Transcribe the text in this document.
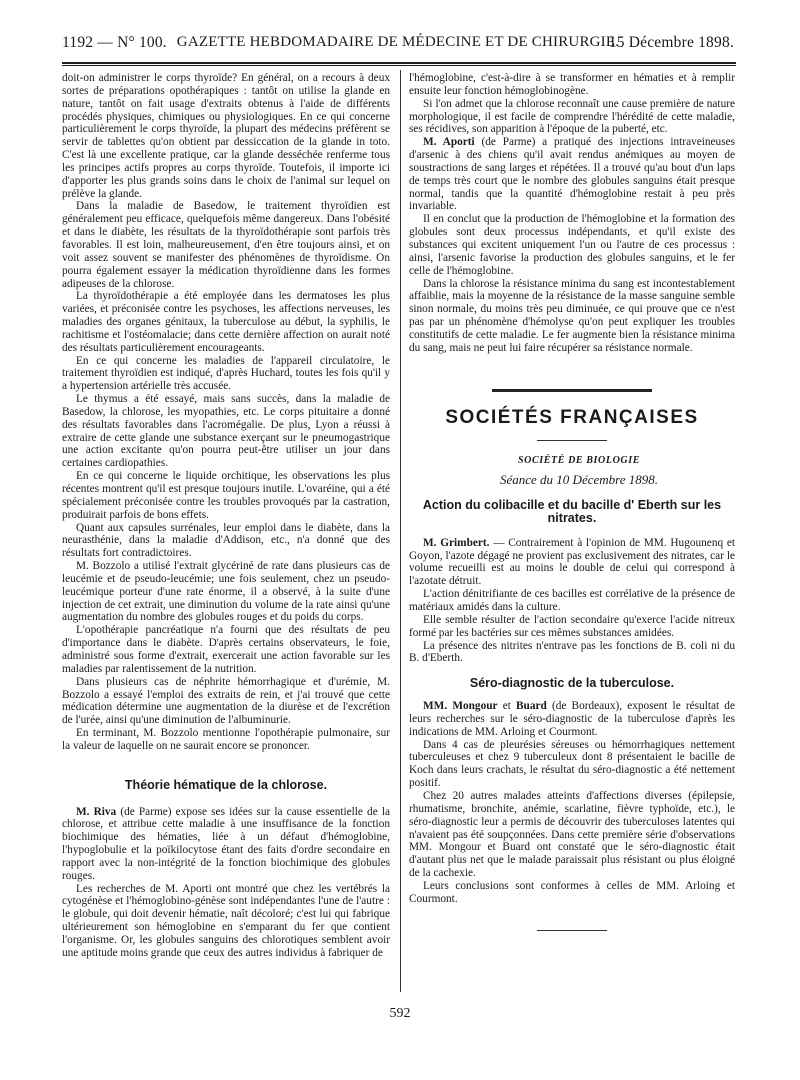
1192 — N° 100. GAZETTE HEBDOMADAIRE DE MÉDECINE ET DE CHIRURGIE.
15 Décembre 1898.

doit-on administrer le corps thyroïde? En général, on a recours à deux sortes de préparations opothérapiques : tantôt on utilise la glande en nature, tantôt on fait usage d'extraits obtenus à l'aide de différents procédés physiques, chimiques ou physiologiques. En ce qui concerne particulièrement le corps thyroïde, la plupart des médecins préfèrent se servir de tablettes qu'on obtient par dessiccation de la glande in toto. C'est là une excellente pratique, car la glande desséchée renferme tous les principes actifs propres au corps thyroïde. Toutefois, il importe ici d'apporter les plus grands soins dans le choix de l'animal sur lequel on prélève la glande.

Dans la maladie de Basedow, le traitement thyroïdien est généralement peu efficace, quelquefois même dangereux. Dans l'obésité et dans le diabète, les résultats de la thyroïdothérapie sont parfois très favorables. Il est loin, malheureusement, d'en être toujours ainsi, et on voit assez souvent se manifester des phénomènes de thyroïdisme. On pourra également essayer la médication thyroïdienne dans les formes adipeuses de la chlorose.

La thyroïdothérapie a été employée dans les dermatoses les plus variées, et préconisée contre les psychoses, les affections nerveuses, les maladies des organes génitaux, la tuberculose au début, la syphilis, le rachitisme et l'ostéomalacie; dans cette dernière affection on aurait noté des résultats particulièrement encourageants.

En ce qui concerne les maladies de l'appareil circulatoire, le traitement thyroïdien est indiqué, d'après Huchard, toutes les fois qu'il y a hypertension artérielle très accusée.

Le thymus a été essayé, mais sans succès, dans la maladie de Basedow, la chlorose, les myopathies, etc. Le corps pituitaire a donné des résultats favorables dans l'acromégalie. De plus, Lyon a réussi à extraire de cette glande une substance exerçant sur le pneumogastrique une action excitante qu'on pourra peut-être utiliser un jour dans certaines cardiopathies.

En ce qui concerne le liquide orchitique, les observations les plus récentes montrent qu'il est presque toujours inutile. L'ovaréine, qui a été spécialement préconisée contre les troubles provoqués par la castration, produirait parfois de bons effets.

Quant aux capsules surrénales, leur emploi dans le diabète, dans la neurasthénie, dans la maladie d'Addison, etc., n'a donné que des résultats fort contradictoires.

M. Bozzolo a utilisé l'extrait glycériné de rate dans plusieurs cas de leucémie et de pseudo-leucémie; une fois seulement, chez un pseudo-leucémique porteur d'une rate énorme, il a observé, à la suite d'une injection de cet extrait, une diminution du volume de la rate ainsi qu'une augmentation du nombre des globules rouges et du poids du corps.

L'opothérapie pancréatique n'a fourni que des résultats de peu d'importance dans le diabète. D'après certains observateurs, le foie, administré sous forme d'extrait, exercerait une action favorable sur les maladies par ralentissement de la nutrition.

Dans plusieurs cas de néphrite hémorrhagique et d'urémie, M. Bozzolo a essayé l'emploi des extraits de rein, et j'ai trouvé que cette médication détermine une augmentation de la diurèse et de l'excrétion de l'urée, ainsi qu'une diminution de l'albuminurie.

En terminant, M. Bozzolo mentionne l'opothérapie pulmonaire, sur la valeur de laquelle on ne saurait encore se prononcer.

Théorie hématique de la chlorose.

M. Riva (de Parme) expose ses idées sur la cause essentielle de la chlorose, et attribue cette maladie à une insuffisance de la fonction biochimique des hématies, liée à un défaut d'hémoglobine, l'hypoglobulie et la poïkilocytose étant des faits d'ordre secondaire en rapport avec la non-intégrité de la fonction biochimique des globules rouges.

Les recherches de M. Aporti ont montré que chez les vertébrés la cytogénèse et l'hémoglobino-génèse sont indépendantes l'une de l'autre : le globule, qui doit devenir hématie, naît décoloré; c'est lui qui fabrique ultérieurement son hémoglobine en s'emparant du fer que contient l'organisme. Or, les globules sanguins des chlorotiques semblent avoir une aptitude moins grande que ceux des autres individus à fabriquer de

l'hémoglobine, c'est-à-dire à se transformer en hématies et à remplir ensuite leur fonction hémoglobinogène.

Si l'on admet que la chlorose reconnaît une cause première de nature morphologique, il est facile de comprendre l'hérédité de cette maladie, ses récidives, son apparition à l'époque de la puberté, etc.

M. Aporti (de Parme) a pratiqué des injections intraveineuses d'arsenic à des chiens qu'il avait rendus anémiques au moyen de soustractions de sang larges et répétées. Il a trouvé qu'au bout d'un laps de temps très court que le nombre des globules sanguins était presque normal, tandis que la quantité d'hémoglobine restait à peu près invariable.

Il en conclut que la production de l'hémoglobine et la formation des globules sont deux processus indépendants, et qu'il existe des substances qui excitent uniquement l'un ou l'autre de ces processus : ainsi, l'arsenic favorise la production des globules sanguins, et le fer celle de l'hémoglobine.

Dans la chlorose la résistance minima du sang est incontestablement affaiblie, mais la moyenne de la résistance de la masse sanguine semble sinon normale, du moins très peu diminuée, ce qui prouve que ce n'est pas par un phénomène d'hémolyse qu'on peut expliquer les troubles constitutifs de cette maladie. Le fer augmente bien la résistance minima du sang, mais ne peut lui faire récupérer sa résistance normale.

SOCIÉTÉS FRANÇAISES

SOCIÉTÉ DE BIOLOGIE

Séance du 10 Décembre 1898.

Action du colibacille et du bacille d' Eberth sur les nitrates.

M. Grimbert. — Contrairement à l'opinion de MM. Hugounenq et Goyon, l'azote dégagé ne provient pas exclusivement des nitrates, car le volume recueilli est au moins le double de celui qui correspond à l'azotate détruit.

L'action dénitrifiante de ces bacilles est corrélative de la présence de matériaux amidés dans la culture.

Elle semble résulter de l'action secondaire qu'exerce l'acide nitreux formé par les bactéries sur ces mêmes substances amidées.

La présence des nitrites n'entrave pas les fonctions de B. coli ni du B. d'Eberth.

Séro-diagnostic de la tuberculose.

MM. Mongour et Buard (de Bordeaux), exposent le résultat de leurs recherches sur le séro-diagnostic de la tuberculose d'après les indications de MM. Arloing et Courmont.

Dans 4 cas de pleurésies séreuses ou hémorrhagiques nettement tuberculeuses et chez 9 tuberculeux dont 8 présentaient le bacille de Koch dans leurs crachats, le résultat du séro-diagnostic a été nettement positif.

Chez 20 autres malades atteints d'affections diverses (épilepsie, rhumatisme, bronchite, anémie, scarlatine, fièvre typhoïde, etc.), le séro-diagnostic leur a permis de découvrir des tuberculoses latentes qui n'avaient pas été soupçonnées. Dans cette première série d'observations MM. Mongour et Buard ont constaté que le séro-diagnostic était d'autant plus net que le malade paraissait plus résistant ou plus éloigné de la cachexie.

Leurs conclusions sont conformes à celles de MM. Arloing et Courmont.

592
